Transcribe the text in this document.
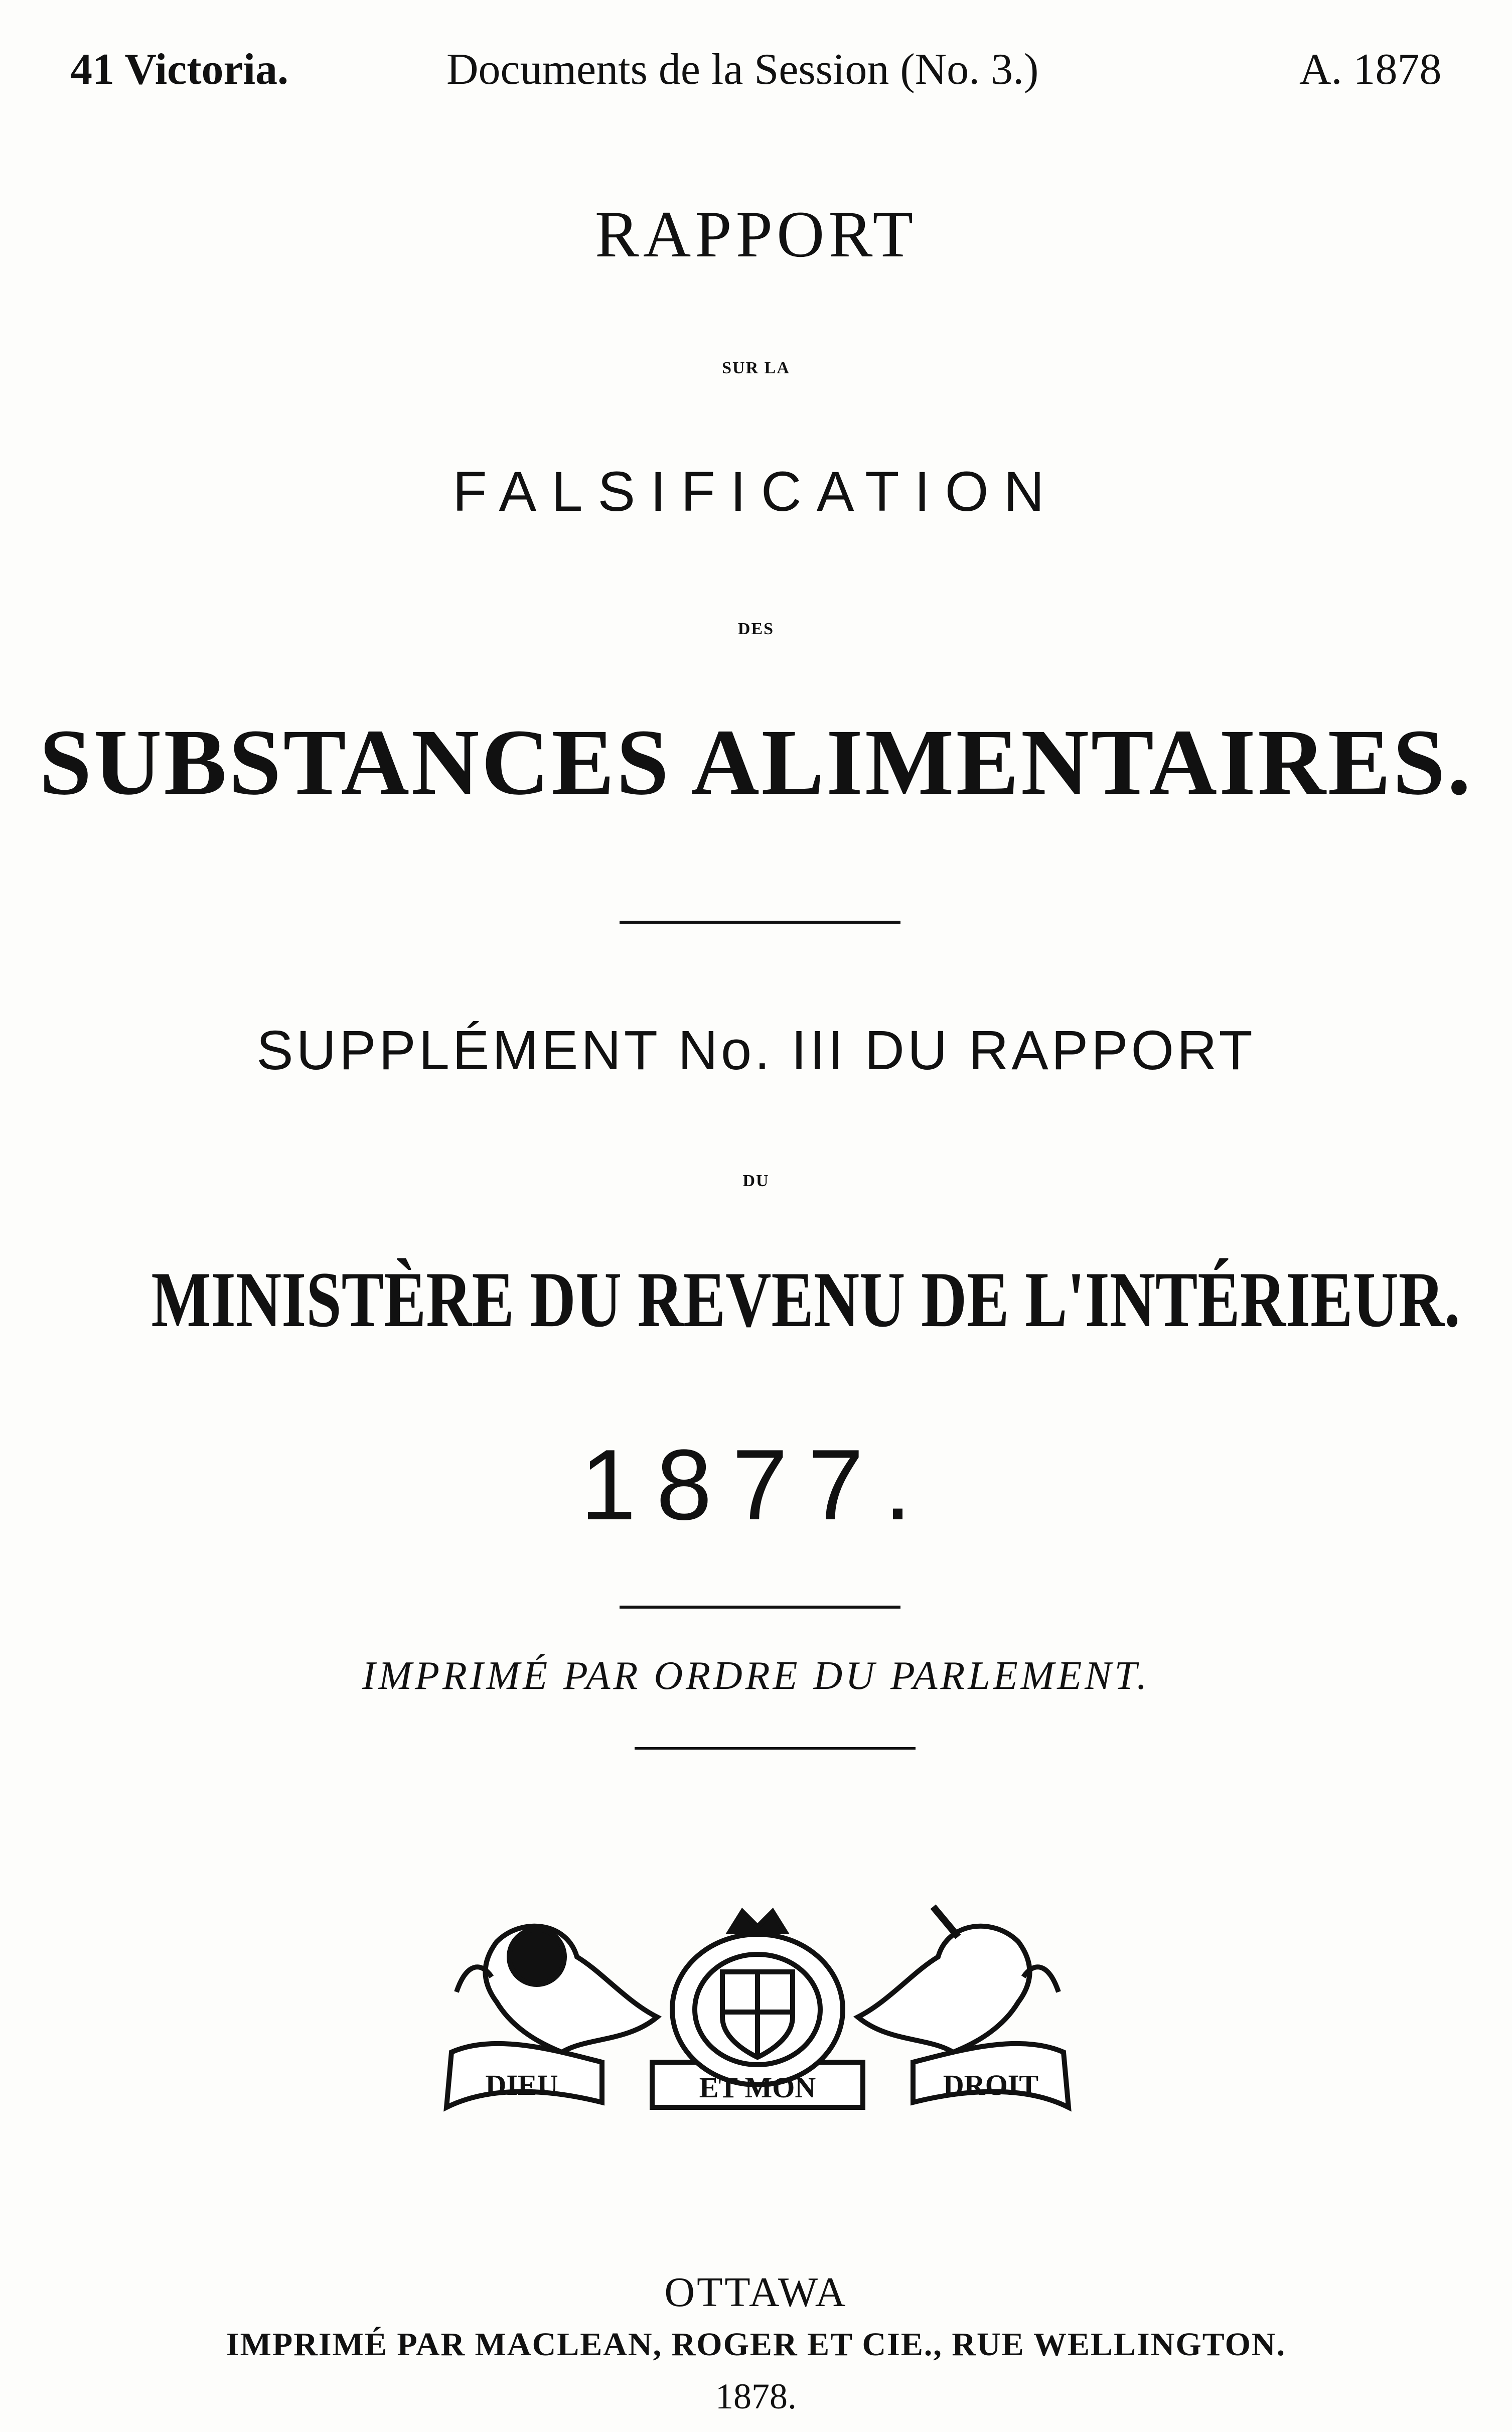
41 Victoria.	Documents de la Session (No. 3.)	A. 1878
RAPPORT
SUR LA
FALSIFICATION
DES
SUBSTANCES ALIMENTAIRES.
SUPPLÉMENT No. III DU RAPPORT
DU
MINISTÈRE DU REVENU DE L'INTÉRIEUR.
1877.
IMPRIMÉ PAR ORDRE DU PARLEMENT.
DIEU	ET MON	DROIT
OTTAWA
IMPRIMÉ PAR MACLEAN, ROGER ET CIE., RUE WELLINGTON.
1878.
